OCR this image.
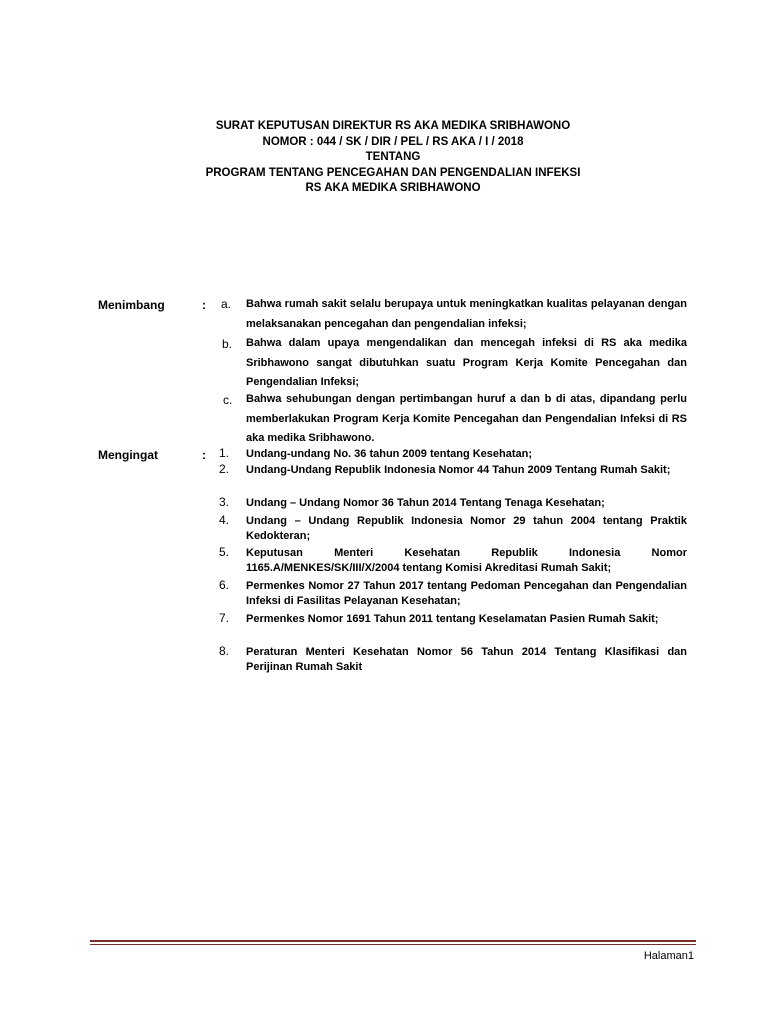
SURAT KEPUTUSAN DIREKTUR RS AKA MEDIKA SRIBHAWONO
NOMOR : 044 / SK / DIR / PEL / RS AKA / I / 2018
TENTANG
PROGRAM TENTANG PENCEGAHAN DAN PENGENDALIAN INFEKSI
RS AKA MEDIKA SRIBHAWONO
Menimbang	: a. Bahwa rumah sakit selalu berupaya untuk meningkatkan kualitas pelayanan dengan melaksanakan pencegahan dan pengendalian infeksi;
b. Bahwa dalam upaya mengendalikan dan mencegah infeksi di RS aka medika Sribhawono sangat dibutuhkan suatu Program Kerja Komite Pencegahan dan Pengendalian Infeksi;
c. Bahwa sehubungan dengan pertimbangan huruf a dan b di atas, dipandang perlu memberlakukan Program Kerja Komite Pencegahan dan Pengendalian Infeksi di RS aka medika Sribhawono.
Mengingat	: 1. Undang-undang No. 36 tahun 2009 tentang Kesehatan;
2. Undang-Undang Republik Indonesia Nomor 44 Tahun 2009 Tentang Rumah Sakit;
3. Undang – Undang Nomor 36 Tahun 2014 Tentang Tenaga Kesehatan;
4. Undang – Undang Republik Indonesia Nomor 29 tahun 2004 tentang Praktik Kedokteran;
5. Keputusan Menteri Kesehatan Republik Indonesia Nomor 1165.A/MENKES/SK/III/X/2004 tentang Komisi Akreditasi Rumah Sakit;
6. Permenkes Nomor 27 Tahun 2017 tentang Pedoman Pencegahan dan Pengendalian Infeksi di Fasilitas Pelayanan Kesehatan;
7. Permenkes Nomor 1691 Tahun 2011 tentang Keselamatan Pasien Rumah Sakit;
8. Peraturan Menteri Kesehatan Nomor 56 Tahun 2014 Tentang Klasifikasi dan Perijinan Rumah Sakit
Halaman1
